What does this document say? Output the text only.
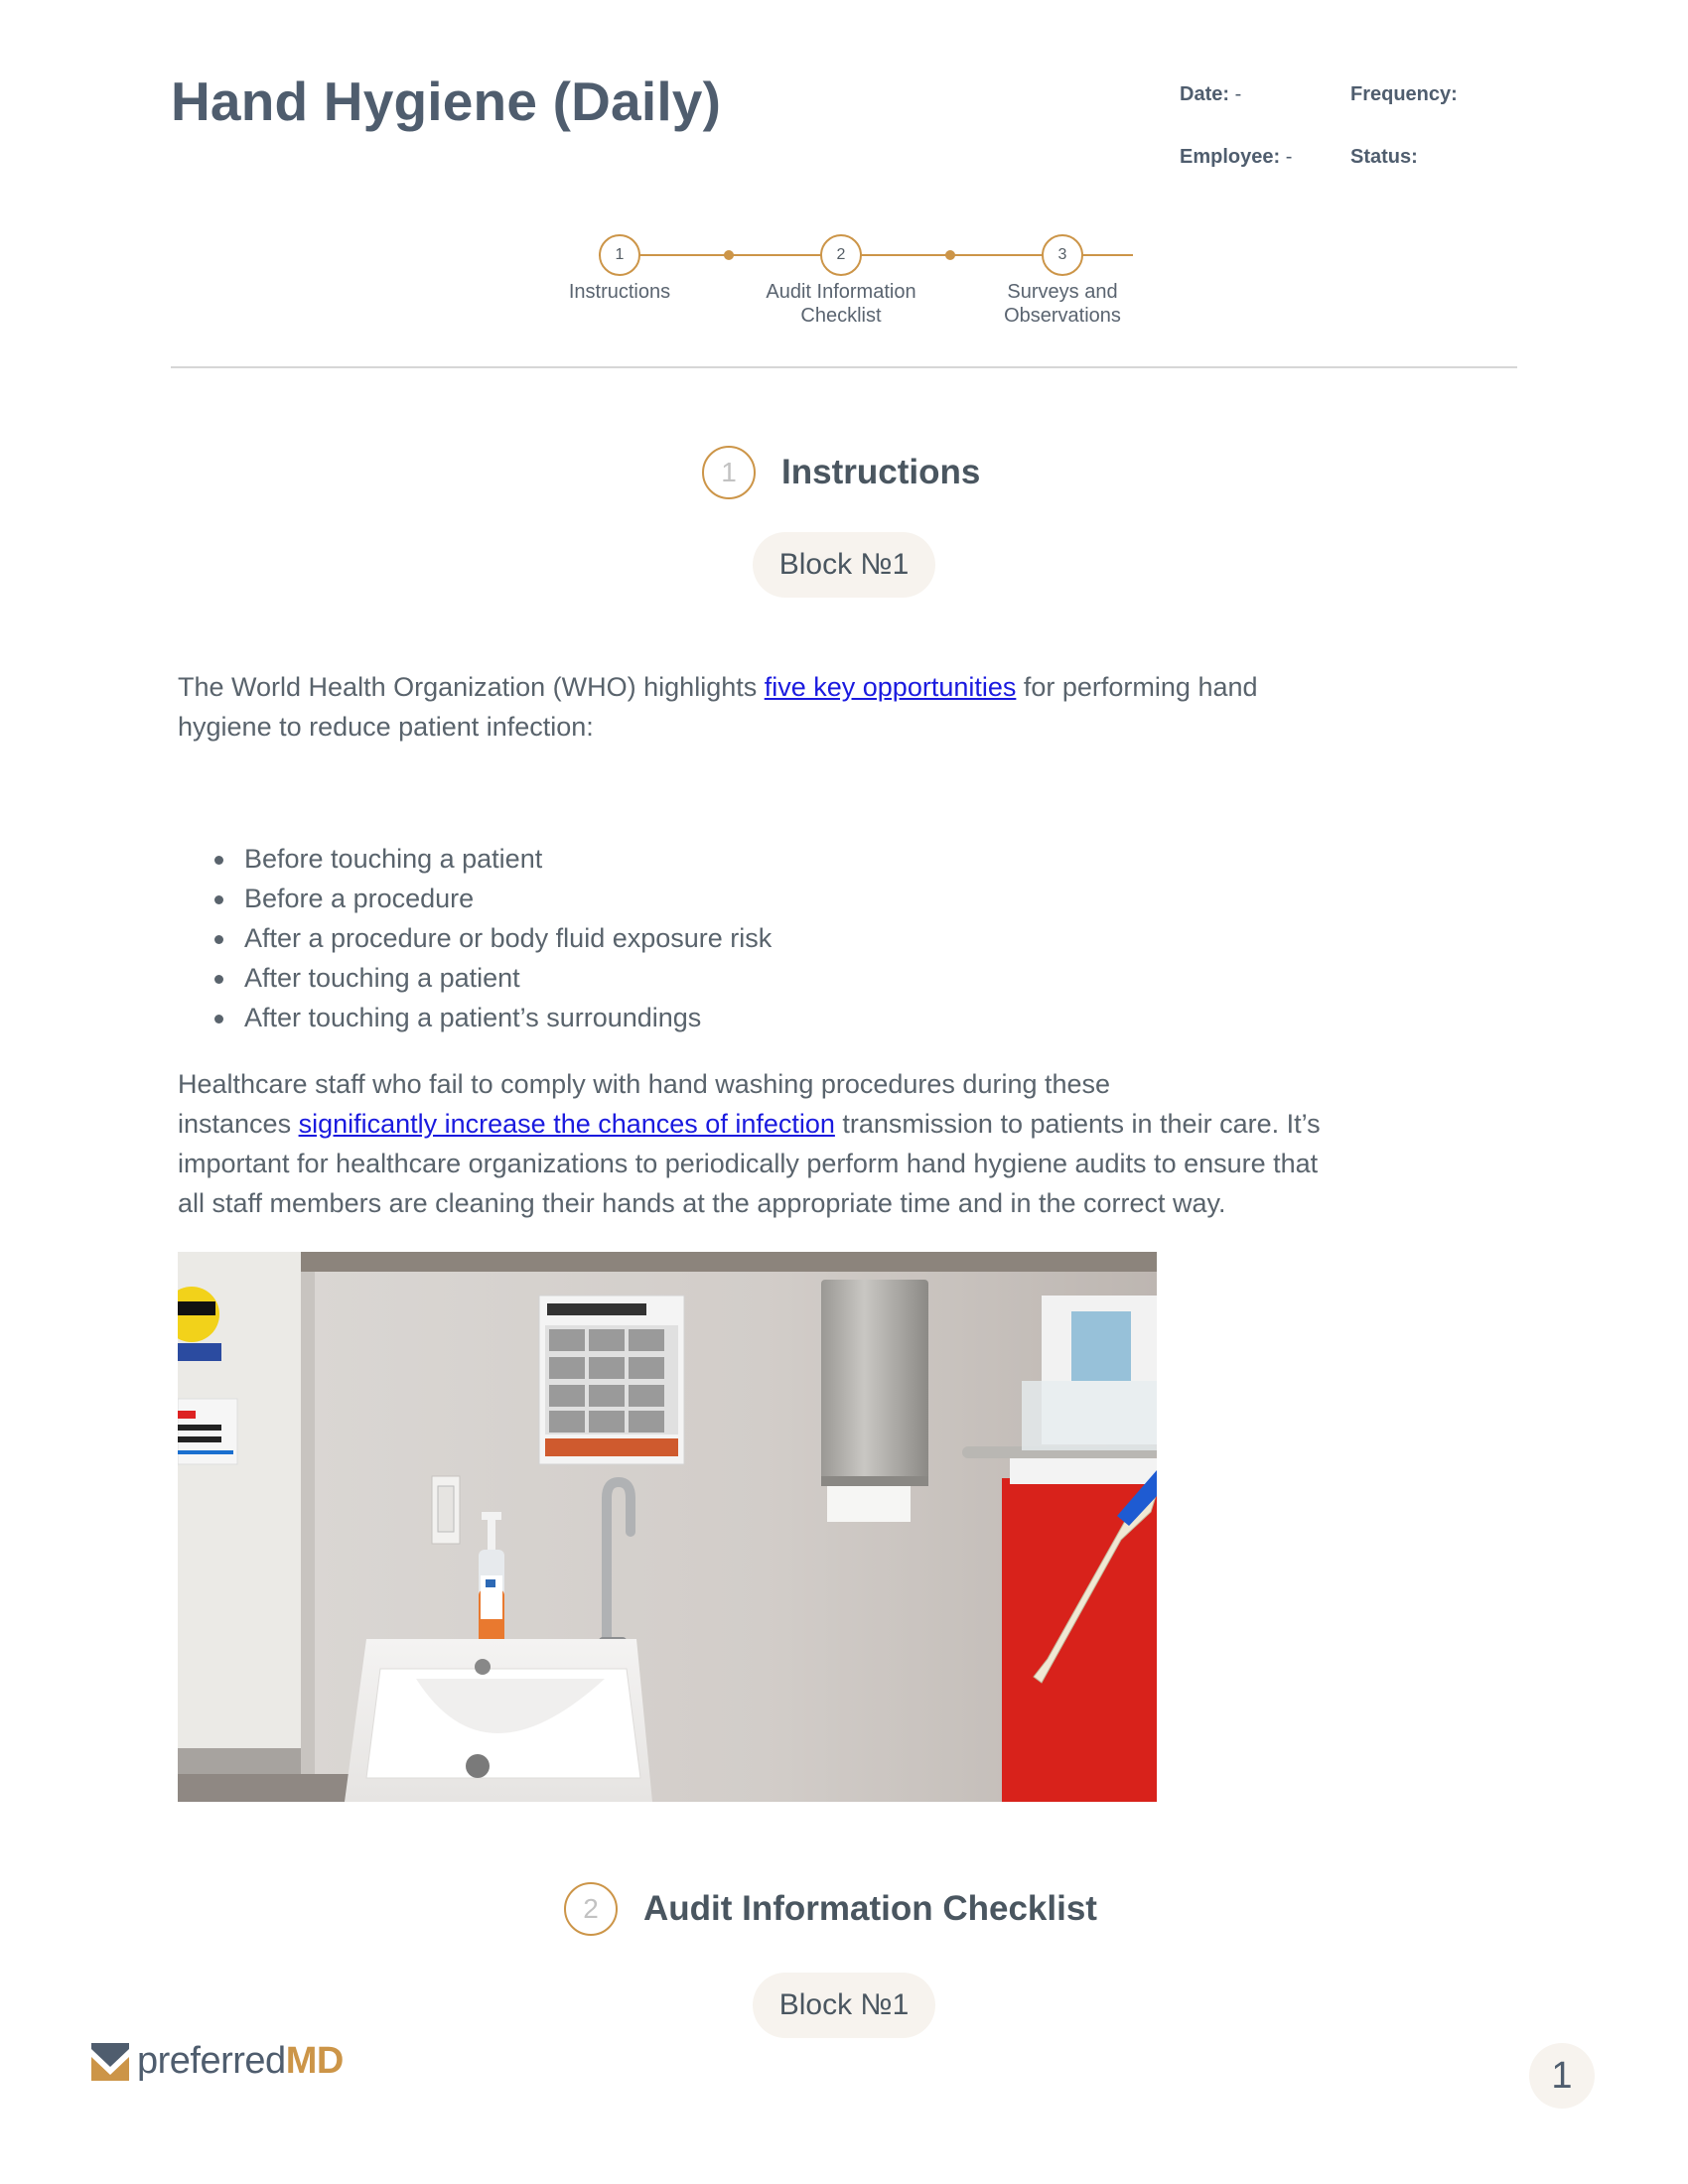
Hand Hygiene (Daily)	Date: -	Frequency:
Employee: -	Status:
1	2	3
Instructions	Audit Information
Checklist
Surveys and
Observations
1	Instructions
Block №1
The World Health Organization (WHO) highlights five key opportunities for performing hand
hygiene to reduce patient infection:
Before touching a patient
Before a procedure
After a procedure or body fluid exposure risk
After touching a patient
After touching a patient’s surroundings
Healthcare staff who fail to comply with hand washing procedures during these
instances significantly increase the chances of infection transmission to patients in their care. It’s
important for healthcare organizations to periodically perform hand hygiene audits to ensure that
all staff members are cleaning their hands at the appropriate time and in the correct way.
2	Audit Information Checklist
Block №1
preferredMD	1
